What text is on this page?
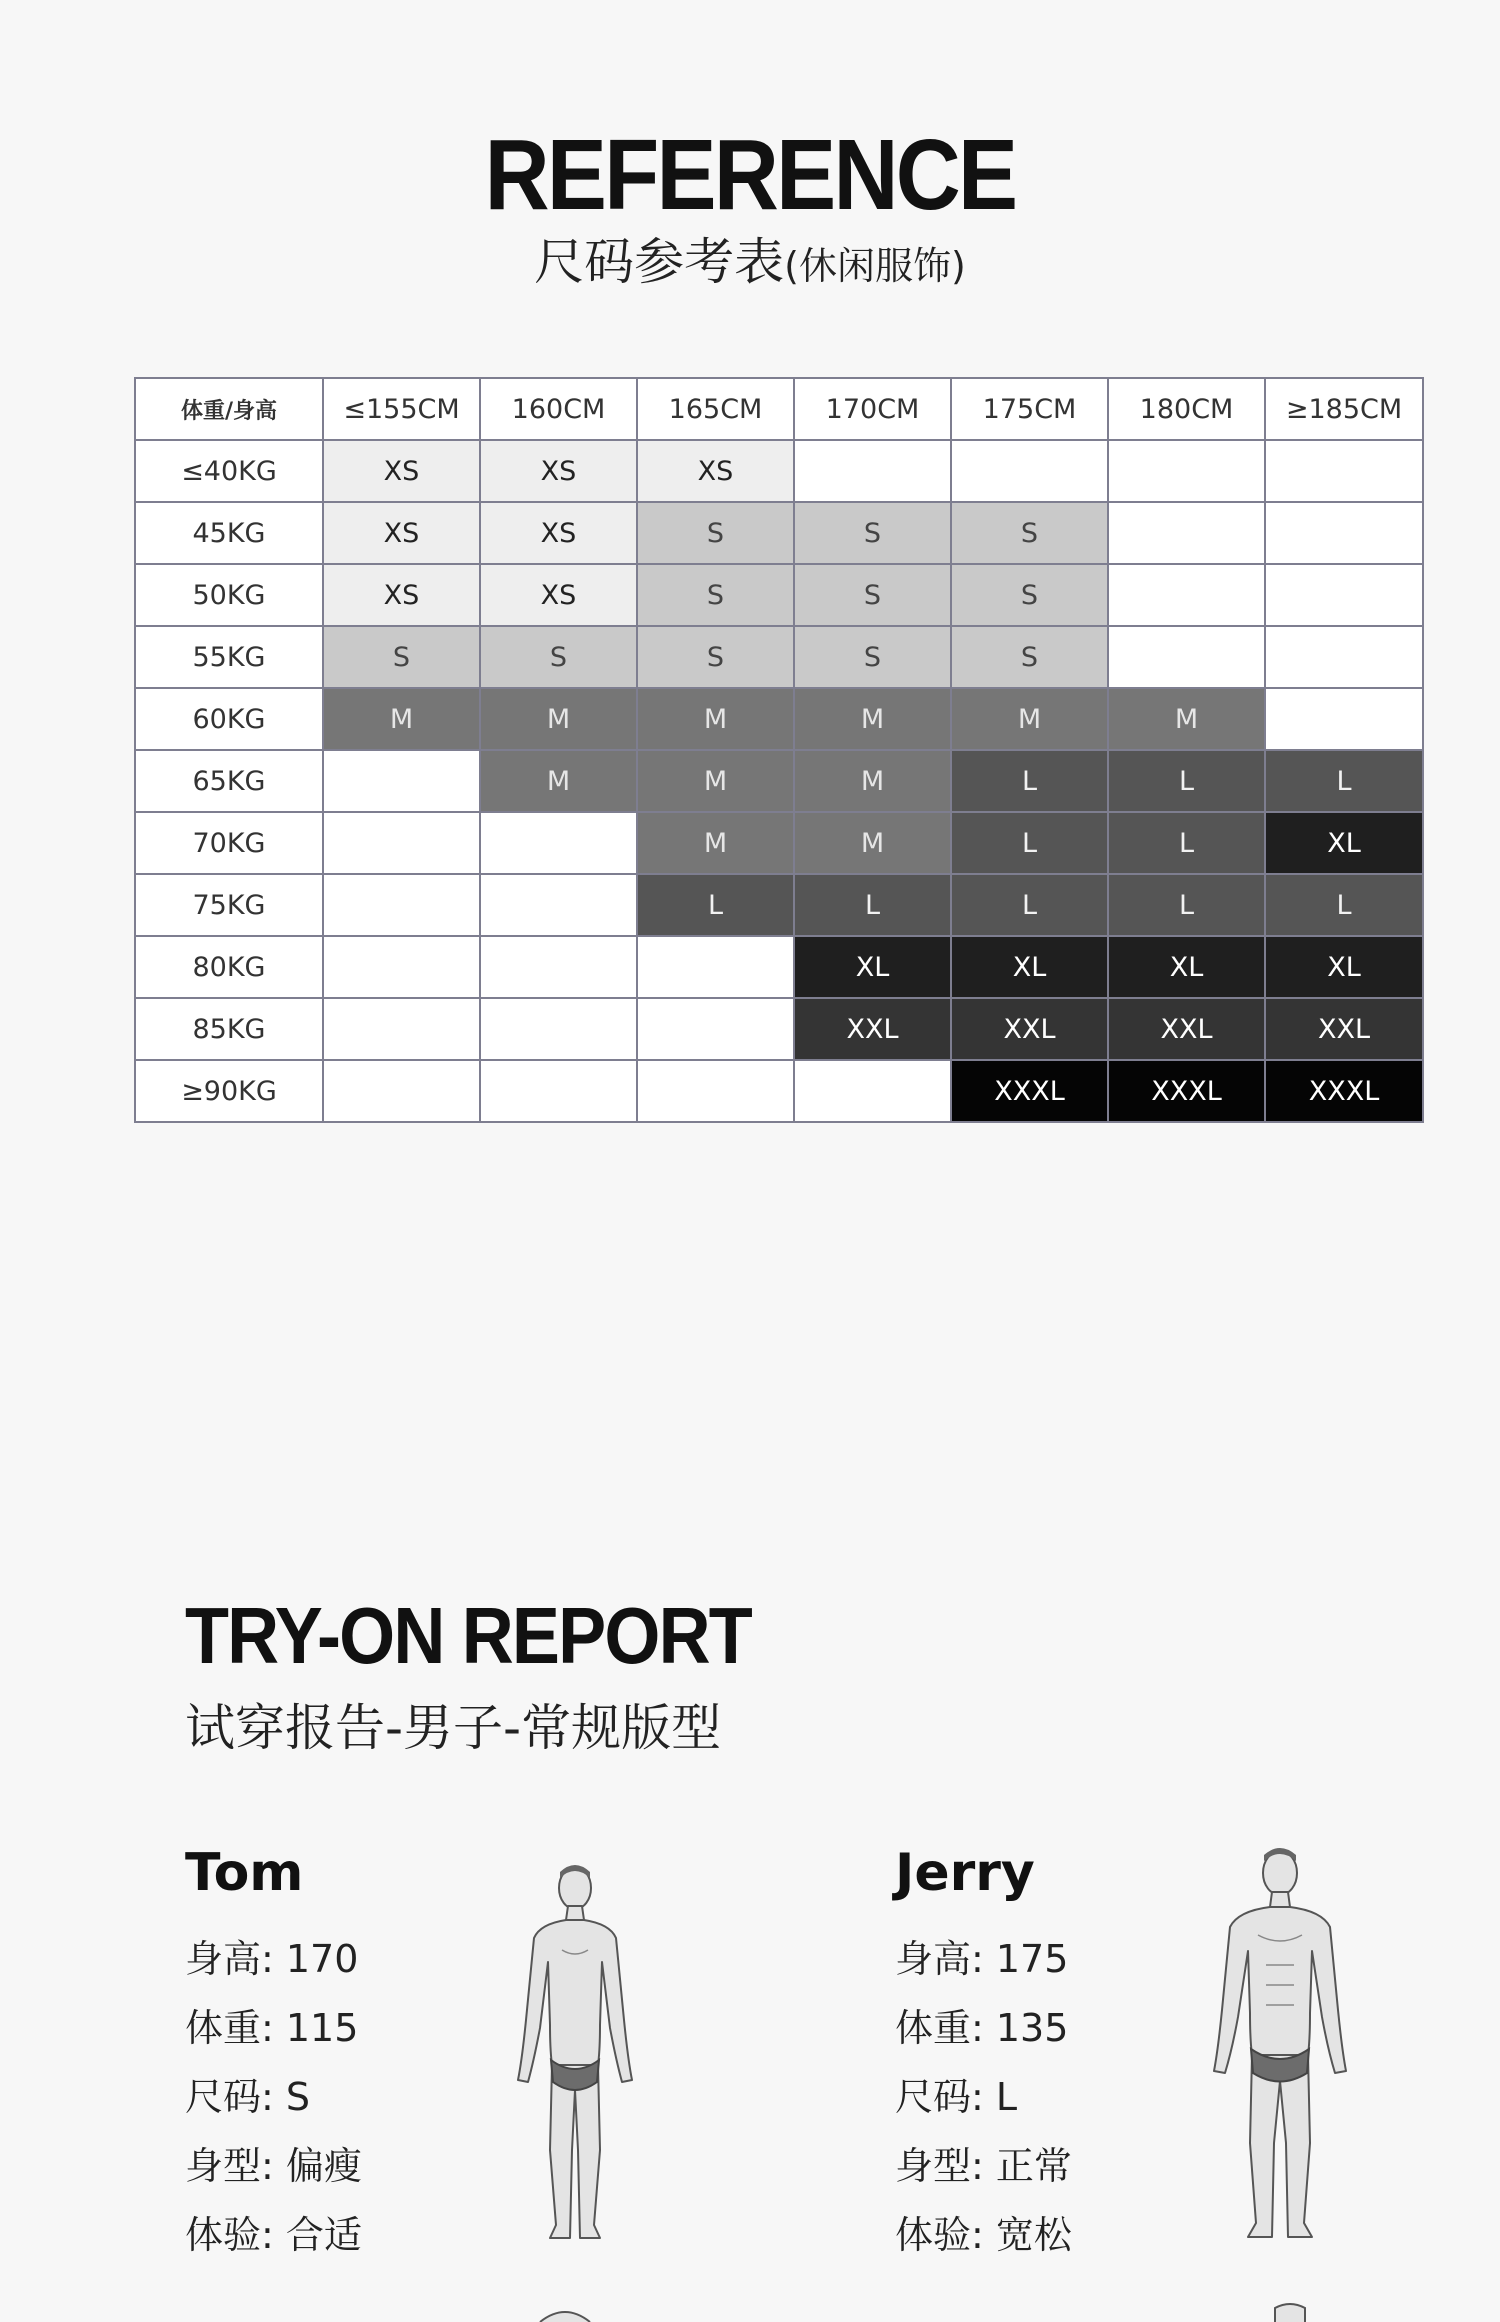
REFERENCE
尺码参考表(休闲服饰)
体重/身高	≤155CM	160CM	165CM	170CM	175CM	180CM	≥185CM
≤40KG	XS	XS	XS				
45KG	XS	XS	S	S	S		
50KG	XS	XS	S	S	S		
55KG	S	S	S	S	S		
60KG	M	M	M	M	M	M	
65KG		M	M	M	L	L	L
70KG			M	M	L	L	XL
75KG			L	L	L	L	L
80KG				XL	XL	XL	XL
85KG				XXL	XXL	XXL	XXL
≥90KG					XXXL	XXXL	XXXL
TRY-ON REPORT
试穿报告-男子-常规版型
Tom
身高: 170
体重: 115
尺码: S
身型: 偏瘦
体验: 合适
Jerry
身高: 175
体重: 135
尺码: L
身型: 正常
体验: 宽松
